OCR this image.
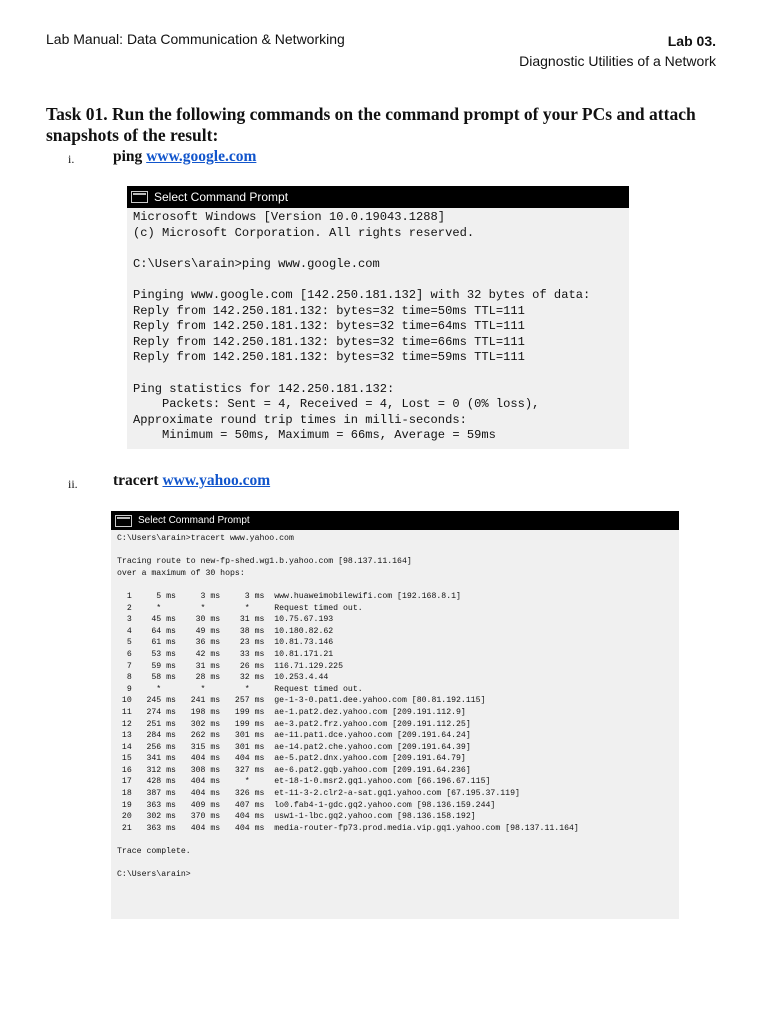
Lab Manual: Data Communication & Networking	Lab 03.
Diagnostic Utilities of a Network
Task 01. Run the following commands on the command prompt of your PCs and attach snapshots of the result:
i. ping www.google.com
Select Command Prompt
Microsoft Windows [Version 10.0.19043.1288]
(c) Microsoft Corporation. All rights reserved.

C:\Users\arain>ping www.google.com

Pinging www.google.com [142.250.181.132] with 32 bytes of data:
Reply from 142.250.181.132: bytes=32 time=50ms TTL=111
Reply from 142.250.181.132: bytes=32 time=64ms TTL=111
Reply from 142.250.181.132: bytes=32 time=66ms TTL=111
Reply from 142.250.181.132: bytes=32 time=59ms TTL=111

Ping statistics for 142.250.181.132:
Packets: Sent = 4, Received = 4, Lost = 0 (0% loss),
Approximate round trip times in milli-seconds:
Minimum = 50ms, Maximum = 66ms, Average = 59ms
ii. tracert www.yahoo.com
Select Command Prompt
C:\Users\arain>tracert www.yahoo.com

Tracing route to new-fp-shed.wg1.b.yahoo.com [98.137.11.164]
over a maximum of 30 hops:

1     5 ms     3 ms     3 ms  www.huaweimobilewifi.com [192.168.8.1]
2     *        *        *     Request timed out.
3    45 ms    30 ms    31 ms  10.75.67.193
4    64 ms    49 ms    38 ms  10.180.82.62
5    61 ms    36 ms    23 ms  10.81.73.146
6    53 ms    42 ms    33 ms  10.81.171.21
7    59 ms    31 ms    26 ms  116.71.129.225
8    58 ms    28 ms    32 ms  10.253.4.44
9     *        *        *     Request timed out.
10   245 ms   241 ms   257 ms  ge-1-3-0.pat1.dee.yahoo.com [80.81.192.115]
11   274 ms   198 ms   199 ms  ae-1.pat2.dez.yahoo.com [209.191.112.9]
12   251 ms   302 ms   199 ms  ae-3.pat2.frz.yahoo.com [209.191.112.25]
13   284 ms   262 ms   301 ms  ae-11.pat1.dce.yahoo.com [209.191.64.24]
14   256 ms   315 ms   301 ms  ae-14.pat2.che.yahoo.com [209.191.64.39]
15   341 ms   404 ms   404 ms  ae-5.pat2.dnx.yahoo.com [209.191.64.79]
16   312 ms   308 ms   327 ms  ae-6.pat2.gqb.yahoo.com [209.191.64.236]
17   428 ms   404 ms     *     et-18-1-0.msr2.gq1.yahoo.com [66.196.67.115]
18   387 ms   404 ms   326 ms  et-11-3-2.clr2-a-sat.gq1.yahoo.com [67.195.37.119]
19   363 ms   409 ms   407 ms  lo0.fab4-1-gdc.gq2.yahoo.com [98.136.159.244]
20   302 ms   370 ms   404 ms  usw1-1-lbc.gq2.yahoo.com [98.136.158.192]
21   363 ms   404 ms   404 ms  media-router-fp73.prod.media.vip.gq1.yahoo.com [98.137.11.164]

Trace complete.

C:\Users\arain>
